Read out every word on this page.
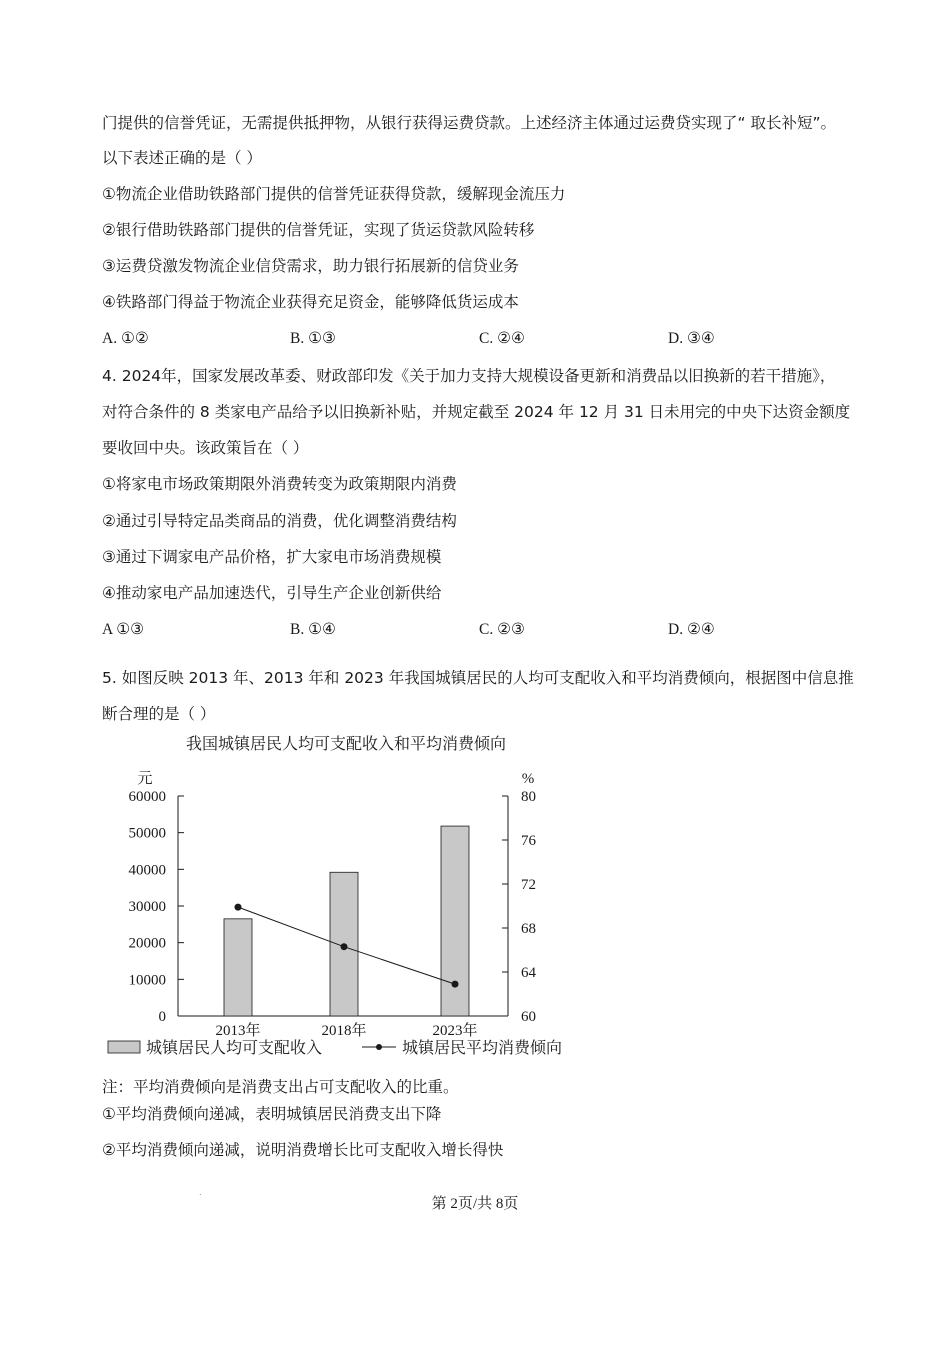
门提供的信誉凭证，无需提供抵押物，从银行获得运费贷款。上述经济主体通过运费贷实现了“ 取长补短”。
以下表述正确的是（ ）
①物流企业借助铁路部门提供的信誉凭证获得贷款，缓解现金流压力
②银行借助铁路部门提供的信誉凭证，实现了货运贷款风险转移
③运费贷激发物流企业信贷需求，助力银行拓展新的信贷业务
④铁路部门得益于物流企业获得充足资金，能够降低货运成本
A. ①②	B. ①③	C. ②④	D. ③④
4. 2024年，国家发展改革委、财政部印发《关于加力支持大规模设备更新和消费品以旧换新的若干措施》，
对符合条件的 8 类家电产品给予以旧换新补贴，并规定截至 2024 年 12 月 31 日未用完的中央下达资金额度
要收回中央。该政策旨在（ ）
①将家电市场政策期限外消费转变为政策期限内消费
②通过引导特定品类商品的消费，优化调整消费结构
③通过下调家电产品价格，扩大家电市场消费规模
④推动家电产品加速迭代，引导生产企业创新供给
A ①③	B. ①④	C. ②③	D. ②④
5. 如图反映 2013 年、2013 年和 2023 年我国城镇居民的人均可支配收入和平均消费倾向，根据图中信息推
断合理的是（ ）
我国城镇居民人均可支配收入和平均消费倾向
元	%
0
10000
20000
30000
40000
50000
60000
60
64
68
72
76
80
2013年	2018年	2023年
城镇居民人均可支配收入	城镇居民平均消费倾向
注：平均消费倾向是消费支出占可支配收入的比重。
①平均消费倾向递减，表明城镇居民消费支出下降
②平均消费倾向递减，说明消费增长比可支配收入增长得快
.
第 2页/共 8页
